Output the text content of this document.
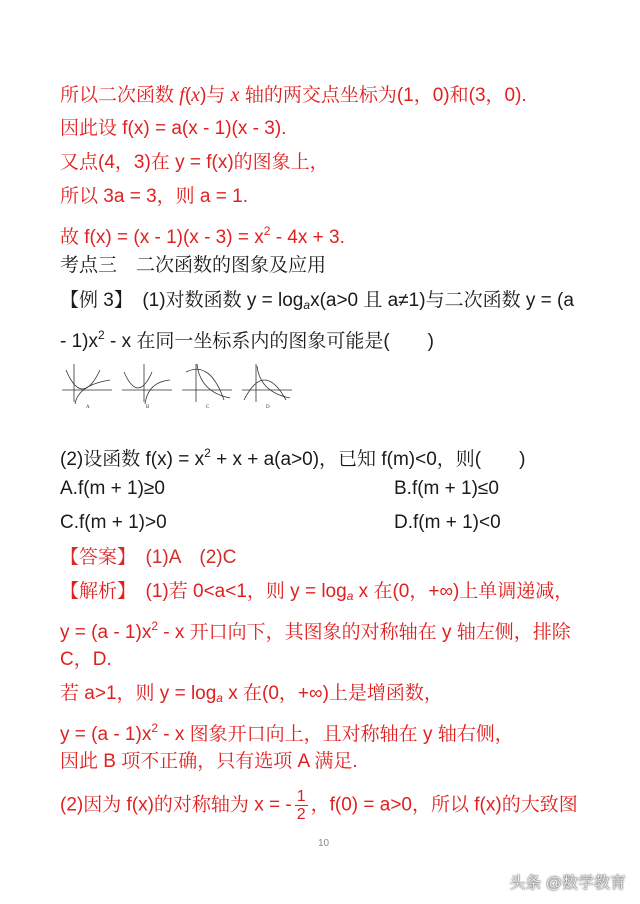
所以二次函数 f(x)与 x 轴的两交点坐标为(1，0)和(3，0).
因此设 f(x) = a(x - 1)(x - 3).
又点(4，3)在 y = f(x)的图象上，
所以 3a = 3，则 a = 1.
故 $f(x) = (x - 1)(x - 3) = x^2 - 4x + 3$.
考点三　二次函数的图象及应用
【例 3】　(1)对数函数 $y = \log_ax(a>0$ 且 a≠1)与二次函数 y = (a
- $1)x^2$ - x 在同一坐标系内的图象可能是(　　)
A	B	C	D
(2)设函数 $f(x) = x^2 + x + a(a>0)$，已知 f(m)<0，则(　　)
A.f(m + 1)≥0	B.f(m + 1)≤0
C.f(m + 1)>0	D.f(m + 1)<0
【答案】　(1)A　(2)C
【解析】　(1)若 0<a<1，则 $y = \log_a x$ 在(0，+∞)上单调递减，
$y = (a - 1)x^2 - x$ 开口向下，其图象的对称轴在 y 轴左侧，排除
C，D.
若 a>1，则 $y = \log_a x$ 在(0，+∞)上是增函数，
$y = (a - 1)x^2 - x$ 图象开口向上，且对称轴在 y 轴右侧，
因此 B 项不正确，只有选项 A 满足.
(2)因为 f(x)的对称轴为 x = - $\frac{1}{2}$ ，f(0) = a>0，所以 f(x)的大致图
10
头条 @数学教育
